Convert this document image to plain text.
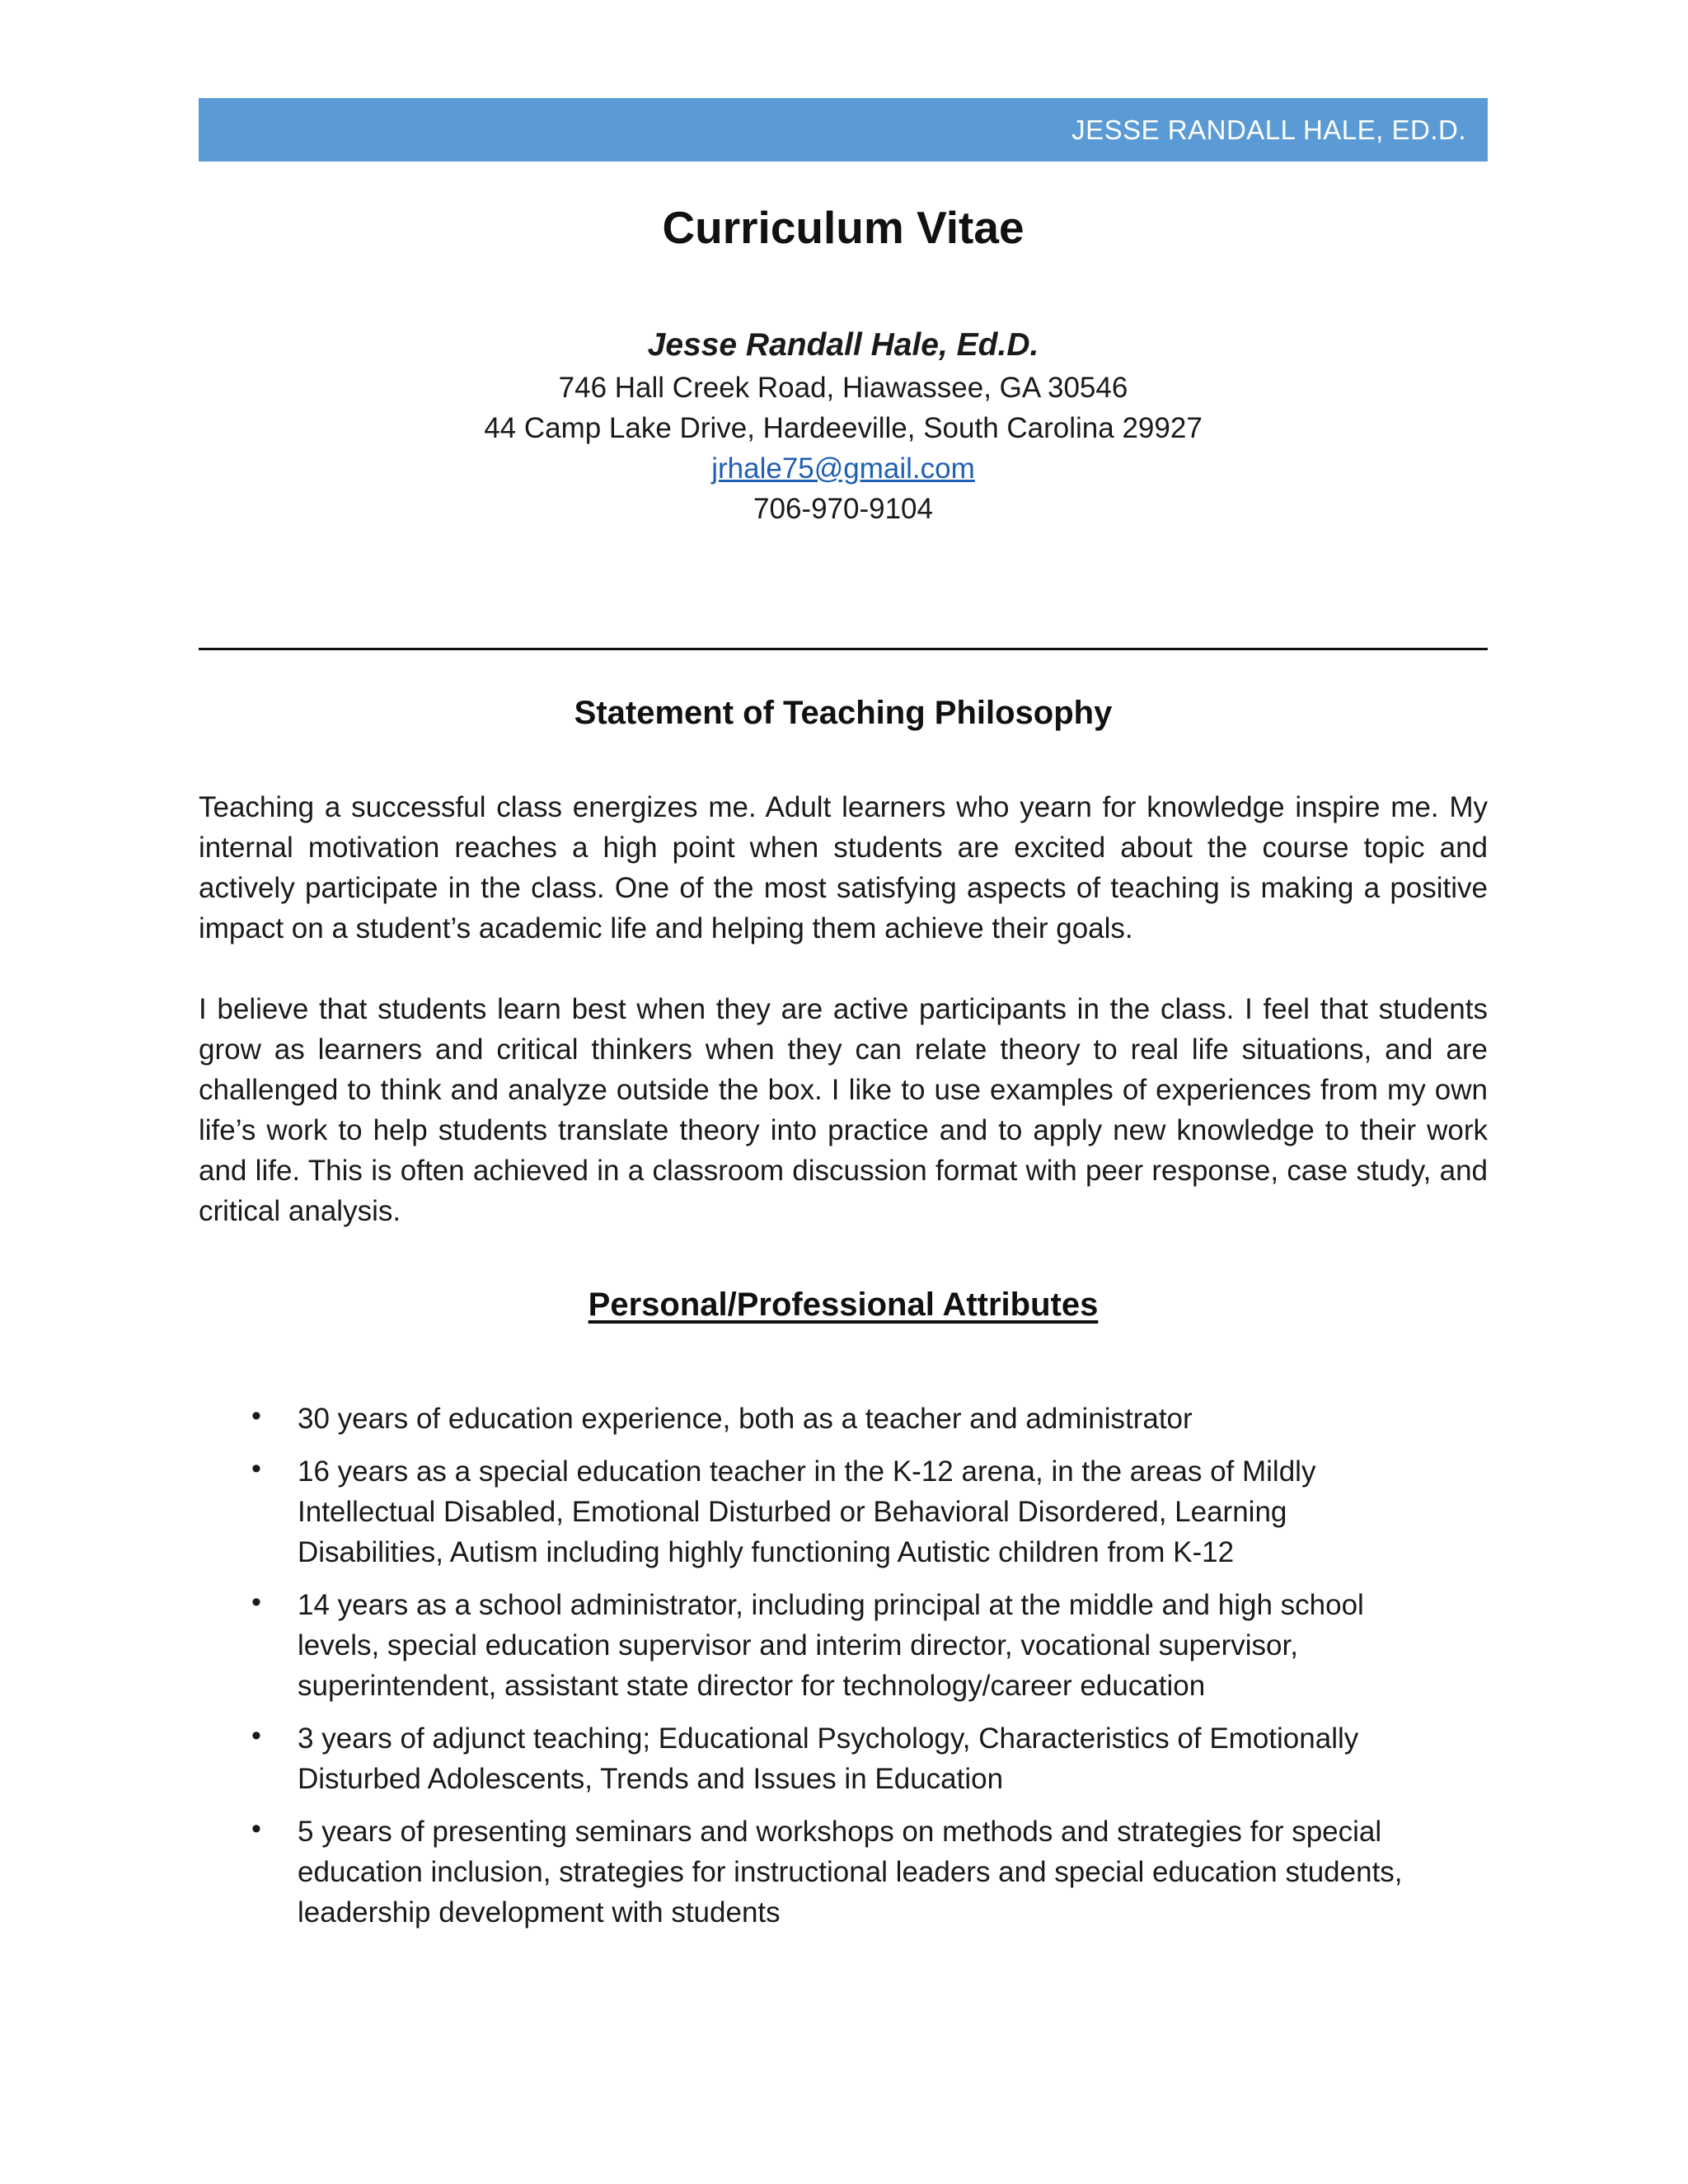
JESSE RANDALL HALE, ED.D.
Curriculum Vitae
Jesse Randall Hale, Ed.D.
746 Hall Creek Road, Hiawassee, GA 30546
44 Camp Lake Drive, Hardeeville, South Carolina 29927
jrhale75@gmail.com
706-970-9104
Statement of Teaching Philosophy

Teaching a successful class energizes me. Adult learners who yearn for knowledge inspire me. My internal motivation reaches a high point when students are excited about the course topic and actively participate in the class. One of the most satisfying aspects of teaching is making a positive impact on a student’s academic life and helping them achieve their goals.

I believe that students learn best when they are active participants in the class. I feel that students grow as learners and critical thinkers when they can relate theory to real life situations, and are challenged to think and analyze outside the box. I like to use examples of experiences from my own life’s work to help students translate theory into practice and to apply new knowledge to their work and life. This is often achieved in a classroom discussion format with peer response, case study, and critical analysis.

Personal/Professional Attributes
• 30 years of education experience, both as a teacher and administrator
• 16 years as a special education teacher in the K-12 arena, in the areas of Mildly Intellectual Disabled, Emotional Disturbed or Behavioral Disordered, Learning Disabilities, Autism including highly functioning Autistic children from K-12
• 14 years as a school administrator, including principal at the middle and high school levels, special education supervisor and interim director, vocational supervisor, superintendent, assistant state director for technology/career education
• 3 years of adjunct teaching; Educational Psychology, Characteristics of Emotionally Disturbed Adolescents, Trends and Issues in Education
• 5 years of presenting seminars and workshops on methods and strategies for special education inclusion, strategies for instructional leaders and special education students, leadership development with students
